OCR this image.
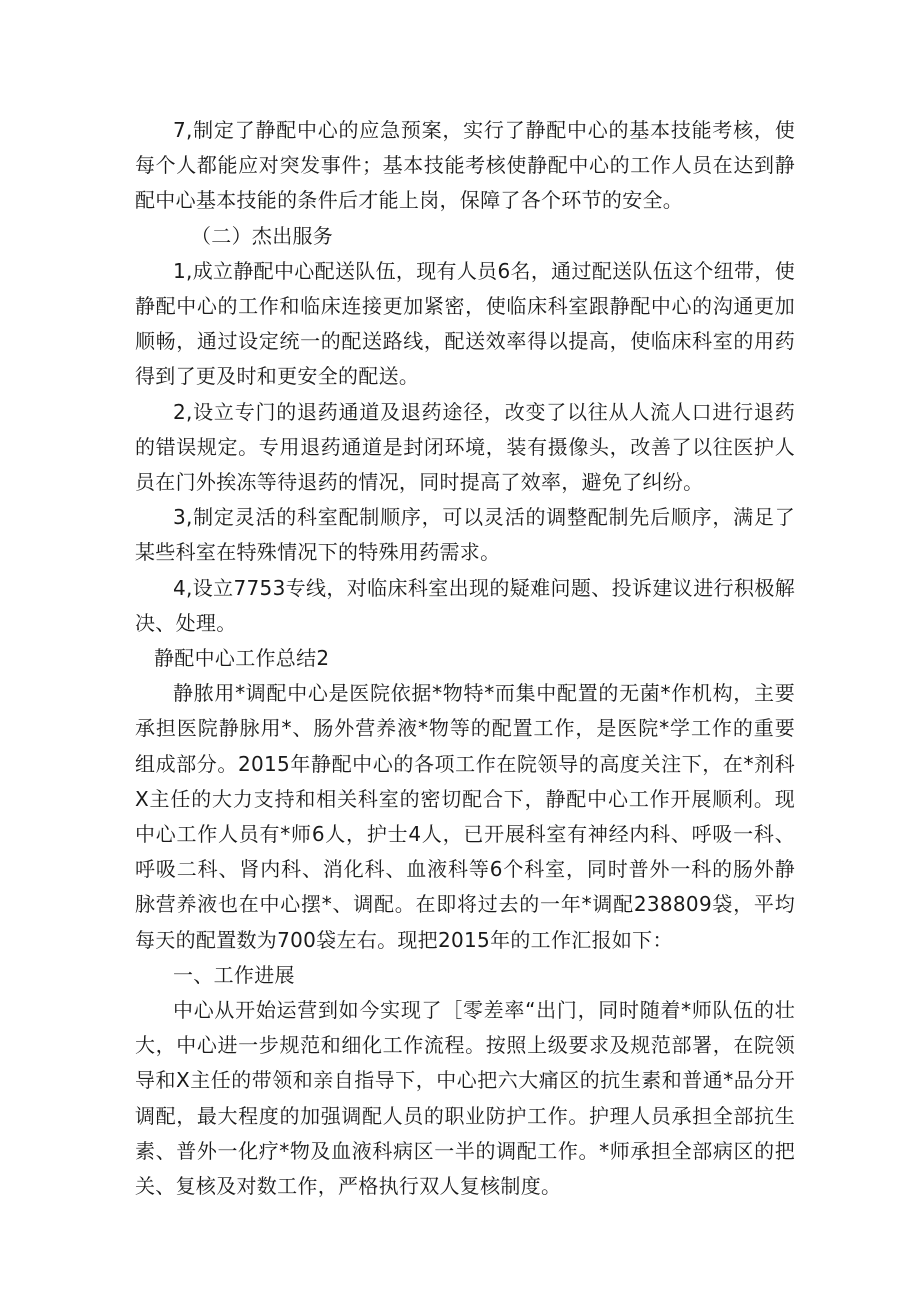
7,制定了静配中心的应急预案，实行了静配中心的基本技能考核，使每个人都能应对突发事件；基本技能考核使静配中心的工作人员在达到静配中心基本技能的条件后才能上岗，保障了各个环节的安全。

（二）杰出服务

1,成立静配中心配送队伍，现有人员6名，通过配送队伍这个纽带，使静配中心的工作和临床连接更加紧密，使临床科室跟静配中心的沟通更加顺畅，通过设定统一的配送路线，配送效率得以提高，使临床科室的用药得到了更及时和更安全的配送。

2,设立专门的退药通道及退药途径，改变了以往从人流人口进行退药的错误规定。专用退药通道是封闭环境，装有摄像头，改善了以往医护人员在门外挨冻等待退药的情况，同时提高了效率，避免了纠纷。

3,制定灵活的科室配制顺序，可以灵活的调整配制先后顺序，满足了某些科室在特殊情况下的特殊用药需求。

4,设立7753专线，对临床科室出现的疑难问题、投诉建议进行积极解决、处理。

静配中心工作总结2

静脓用*调配中心是医院依据*物特*而集中配置的无菌*作机构，主要承担医院静脉用*、肠外营养液*物等的配置工作，是医院*学工作的重要组成部分。2015年静配中心的各项工作在院领导的高度关注下，在*剂科X主任的大力支持和相关科室的密切配合下，静配中心工作开展顺利。现中心工作人员有*师6人，护士4人，已开展科室有神经内科、呼吸一科、呼吸二科、肾内科、消化科、血液科等6个科室，同时普外一科的肠外静脉营养液也在中心摆*、调配。在即将过去的一年*调配238809袋，平均每天的配置数为700袋左右。现把2015年的工作汇报如下：

一、工作进展

中心从开始运营到如今实现了［零差率“出门，同时随着*师队伍的壮大，中心进一步规范和细化工作流程。按照上级要求及规范部署，在院领导和X主任的带领和亲自指导下，中心把六大痛区的抗生素和普通*品分开调配，最大程度的加强调配人员的职业防护工作。护理人员承担全部抗生素、普外一化疗*物及血液科病区一半的调配工作。*师承担全部病区的把关、复核及对数工作，严格执行双人复核制度。
